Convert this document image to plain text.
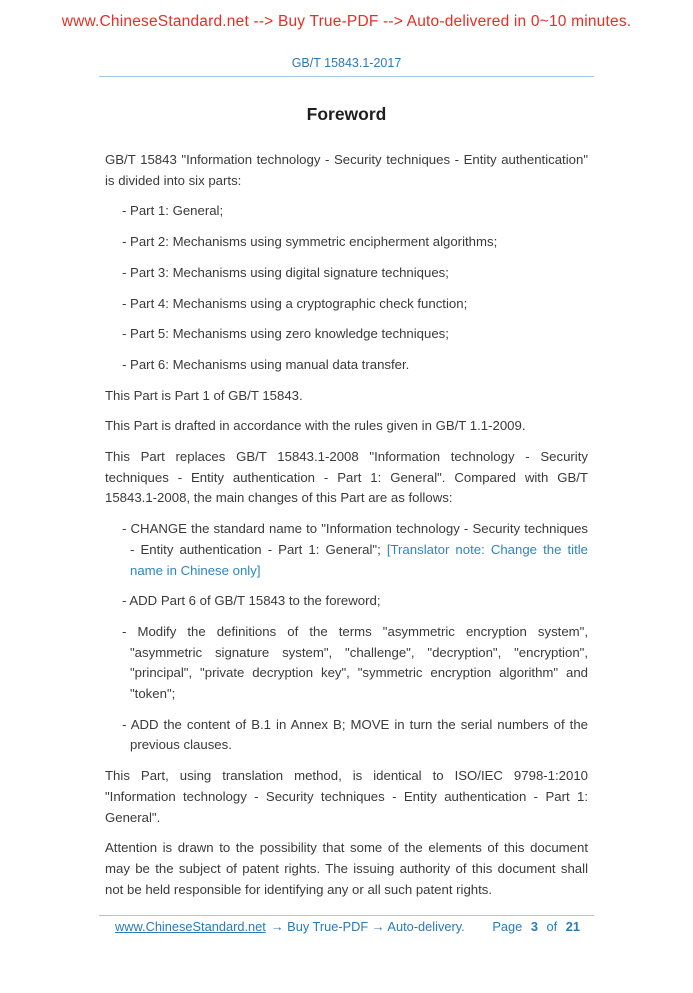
www.ChineseStandard.net --> Buy True-PDF --> Auto-delivered in 0~10 minutes.
GB/T 15843.1-2017
Foreword

GB/T 15843 "Information technology - Security techniques - Entity authentication" is divided into six parts:

- Part 1: General;

- Part 2: Mechanisms using symmetric encipherment algorithms;

- Part 3: Mechanisms using digital signature techniques;

- Part 4: Mechanisms using a cryptographic check function;

- Part 5: Mechanisms using zero knowledge techniques;

- Part 6: Mechanisms using manual data transfer.

This Part is Part 1 of GB/T 15843.

This Part is drafted in accordance with the rules given in GB/T 1.1-2009.

This Part replaces GB/T 15843.1-2008 "Information technology - Security techniques - Entity authentication - Part 1: General". Compared with GB/T 15843.1-2008, the main changes of this Part are as follows:

- CHANGE the standard name to "Information technology - Security techniques - Entity authentication - Part 1: General"; [Translator note: Change the title name in Chinese only]

- ADD Part 6 of GB/T 15843 to the foreword;

- Modify the definitions of the terms "asymmetric encryption system", "asymmetric signature system", "challenge", "decryption", "encryption", "principal", "private decryption key", "symmetric encryption algorithm" and "token";

- ADD the content of B.1 in Annex B; MOVE in turn the serial numbers of the previous clauses.

This Part, using translation method, is identical to ISO/IEC 9798-1:2010 "Information technology - Security techniques - Entity authentication - Part 1: General".

Attention is drawn to the possibility that some of the elements of this document may be the subject of patent rights. The issuing authority of this document shall not be held responsible for identifying any or all such patent rights.

www.ChineseStandard.net → Buy True-PDF → Auto-delivery. Page 3 of 21
